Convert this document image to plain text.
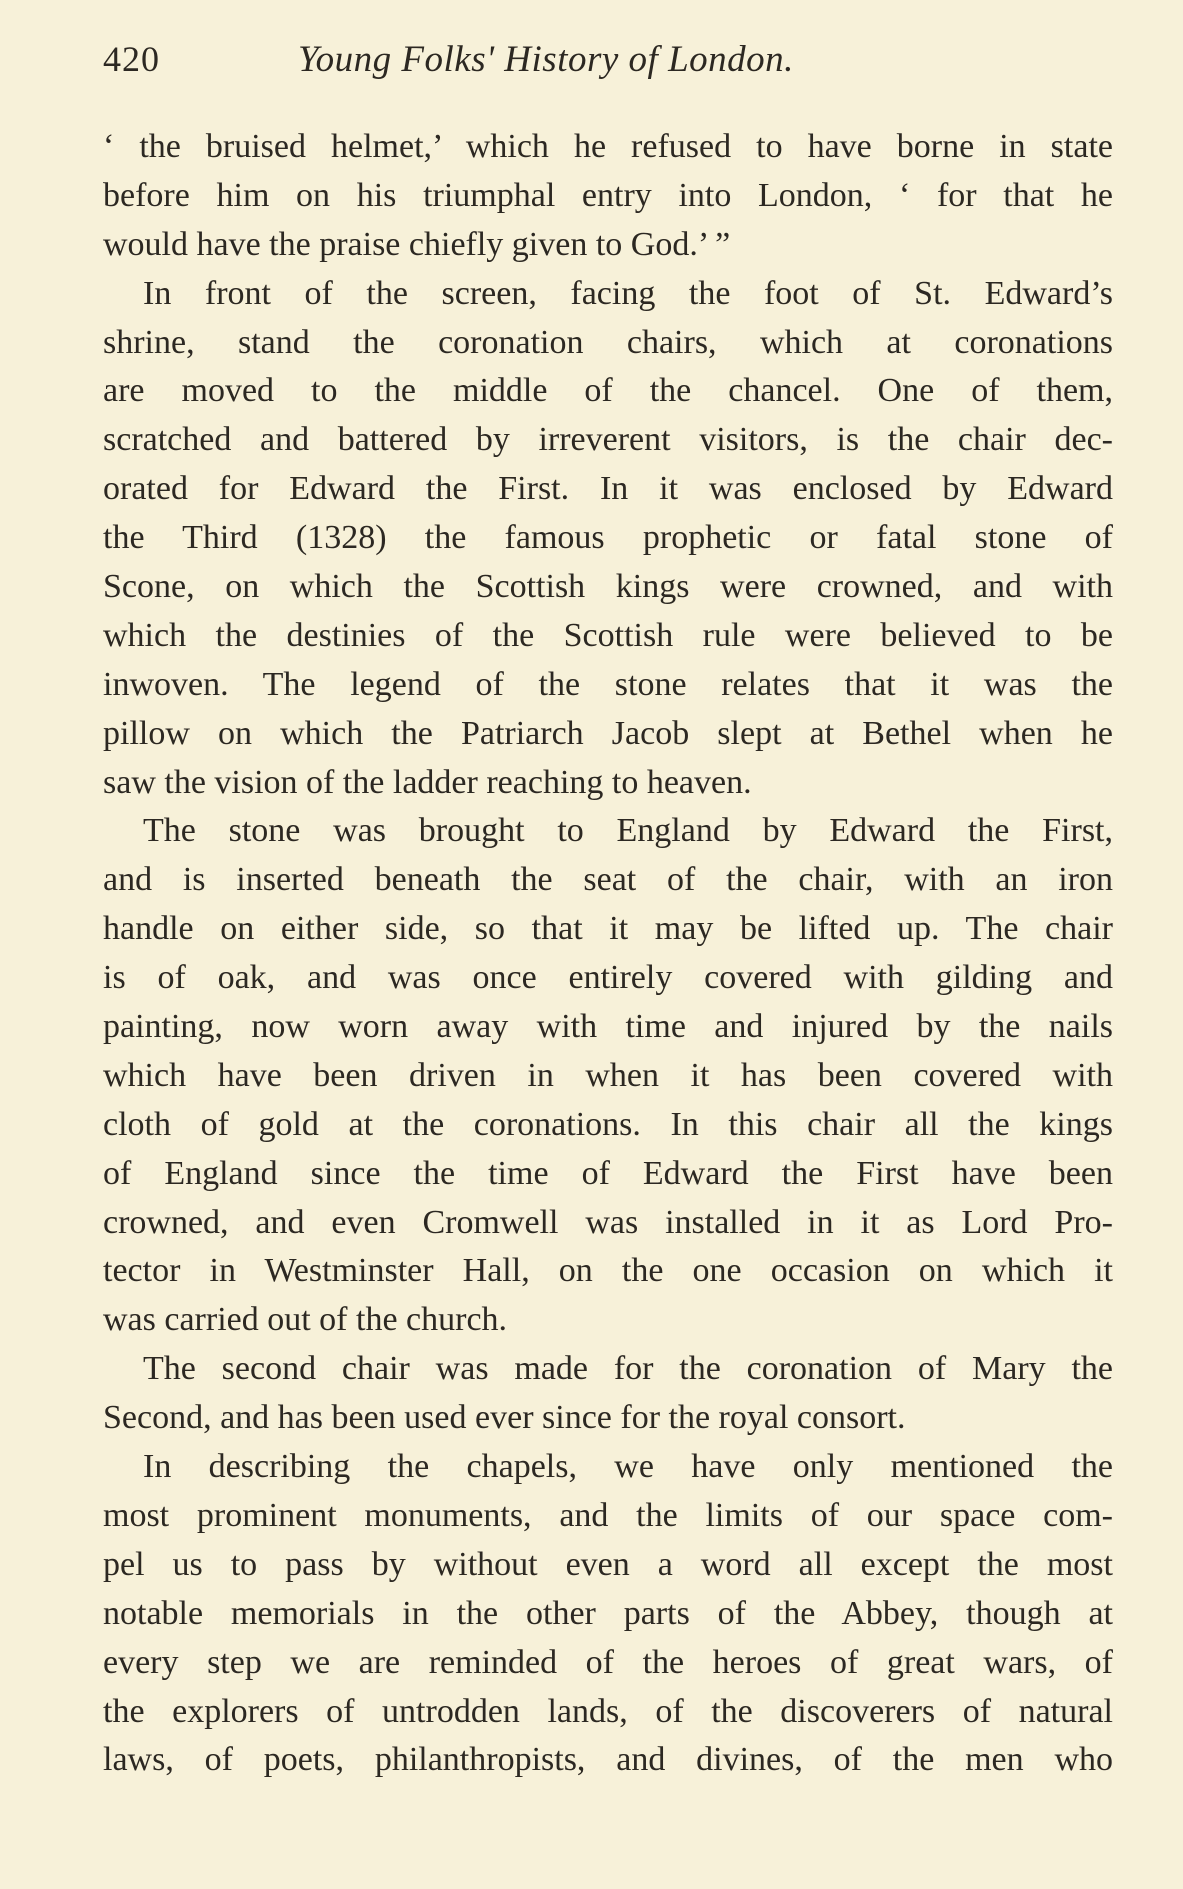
420	Young Folks' History of London.
‘ the bruised helmet,’ which he refused to have borne in state
before him on his triumphal entry into London, ‘ for that he
would have the praise chiefly given to God.’ ”
In front of the screen, facing the foot of St. Edward’s
shrine, stand the coronation chairs, which at coronations
are moved to the middle of the chancel. One of them,
scratched and battered by irreverent visitors, is the chair dec-
orated for Edward the First. In it was enclosed by Edward
the Third (1328) the famous prophetic or fatal stone of
Scone, on which the Scottish kings were crowned, and with
which the destinies of the Scottish rule were believed to be
inwoven. The legend of the stone relates that it was the
pillow on which the Patriarch Jacob slept at Bethel when he
saw the vision of the ladder reaching to heaven.
The stone was brought to England by Edward the First,
and is inserted beneath the seat of the chair, with an iron
handle on either side, so that it may be lifted up. The chair
is of oak, and was once entirely covered with gilding and
painting, now worn away with time and injured by the nails
which have been driven in when it has been covered with
cloth of gold at the coronations. In this chair all the kings
of England since the time of Edward the First have been
crowned, and even Cromwell was installed in it as Lord Pro-
tector in Westminster Hall, on the one occasion on which it
was carried out of the church.
The second chair was made for the coronation of Mary the
Second, and has been used ever since for the royal consort.
In describing the chapels, we have only mentioned the
most prominent monuments, and the limits of our space com-
pel us to pass by without even a word all except the most
notable memorials in the other parts of the Abbey, though at
every step we are reminded of the heroes of great wars, of
the explorers of untrodden lands, of the discoverers of natural
laws, of poets, philanthropists, and divines, of the men who
